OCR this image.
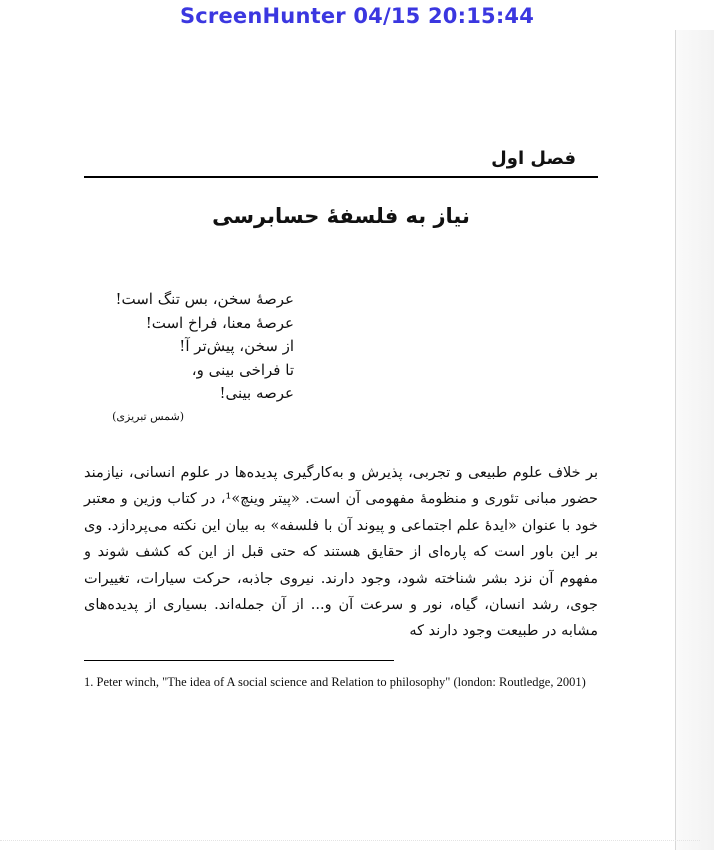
ScreenHunter 04/15 20:15:44
فصل اول
نیاز به فلسفهٔ حسابرسی
عرصهٔ سخن، بس تنگ است!
عرصهٔ معنا، فراخ است!
از سخن، پیش‌تر آ!
تا فراخی بینی و،
عرصه بینی!
(شمس تبریزی)

بر خلاف علوم طبیعی و تجربی، پذیرش و به‌کارگیری پدیده‌ها در علوم انسانی، نیازمند حضور مبانی تئوری و منظومهٔ مفهومی آن است. «پیتر وینچ»¹، در کتاب وزین و معتبر خود با عنوان «ایدهٔ علم اجتماعی و پیوند آن با فلسفه» به بیان این نکته می‌پردازد. وی بر این باور است که پاره‌ای از حقایق هستند که حتی قبل از این که کشف شوند و مفهوم آن نزد بشر شناخته شود، وجود دارند. نیروی جاذبه، حرکت سیارات، تغییرات جوی، رشد انسان، گیاه، نور و سرعت آن و... از آن جمله‌اند. بسیاری از پدیده‌های مشابه در طبیعت وجود دارند که

1. Peter winch, "The idea of A social science and Relation to philosophy" (london: Routledge, 2001)
